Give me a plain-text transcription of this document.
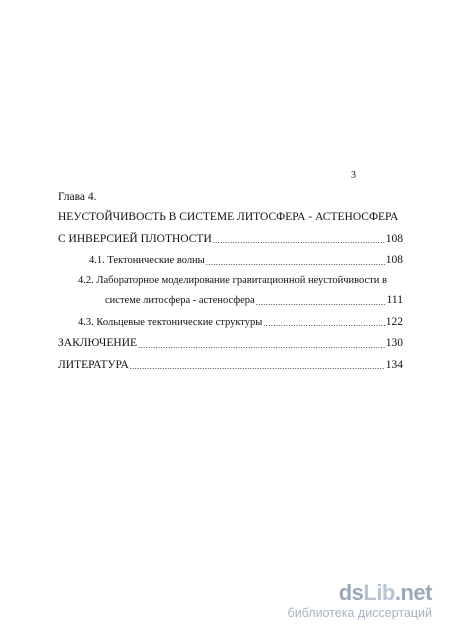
3
Глава 4.
НЕУСТОЙЧИВОСТЬ В СИСТЕМЕ ЛИТОСФЕРА - АСТЕНОСФЕРА
С ИНВЕРСИЕЙ ПЛОТНОСТИ .....	108
4.1. Тектонические волны .....	108
4.2. Лабораторное моделирование гравитационной неустойчивости в
системе литосфера - астеносфера .....	111
4.3. Кольцевые тектонические структуры .....	122
ЗАКЛЮЧЕНИЕ .....	130
ЛИТЕРАТУРА .....	134
dsLib.net
библиотека диссертаций
